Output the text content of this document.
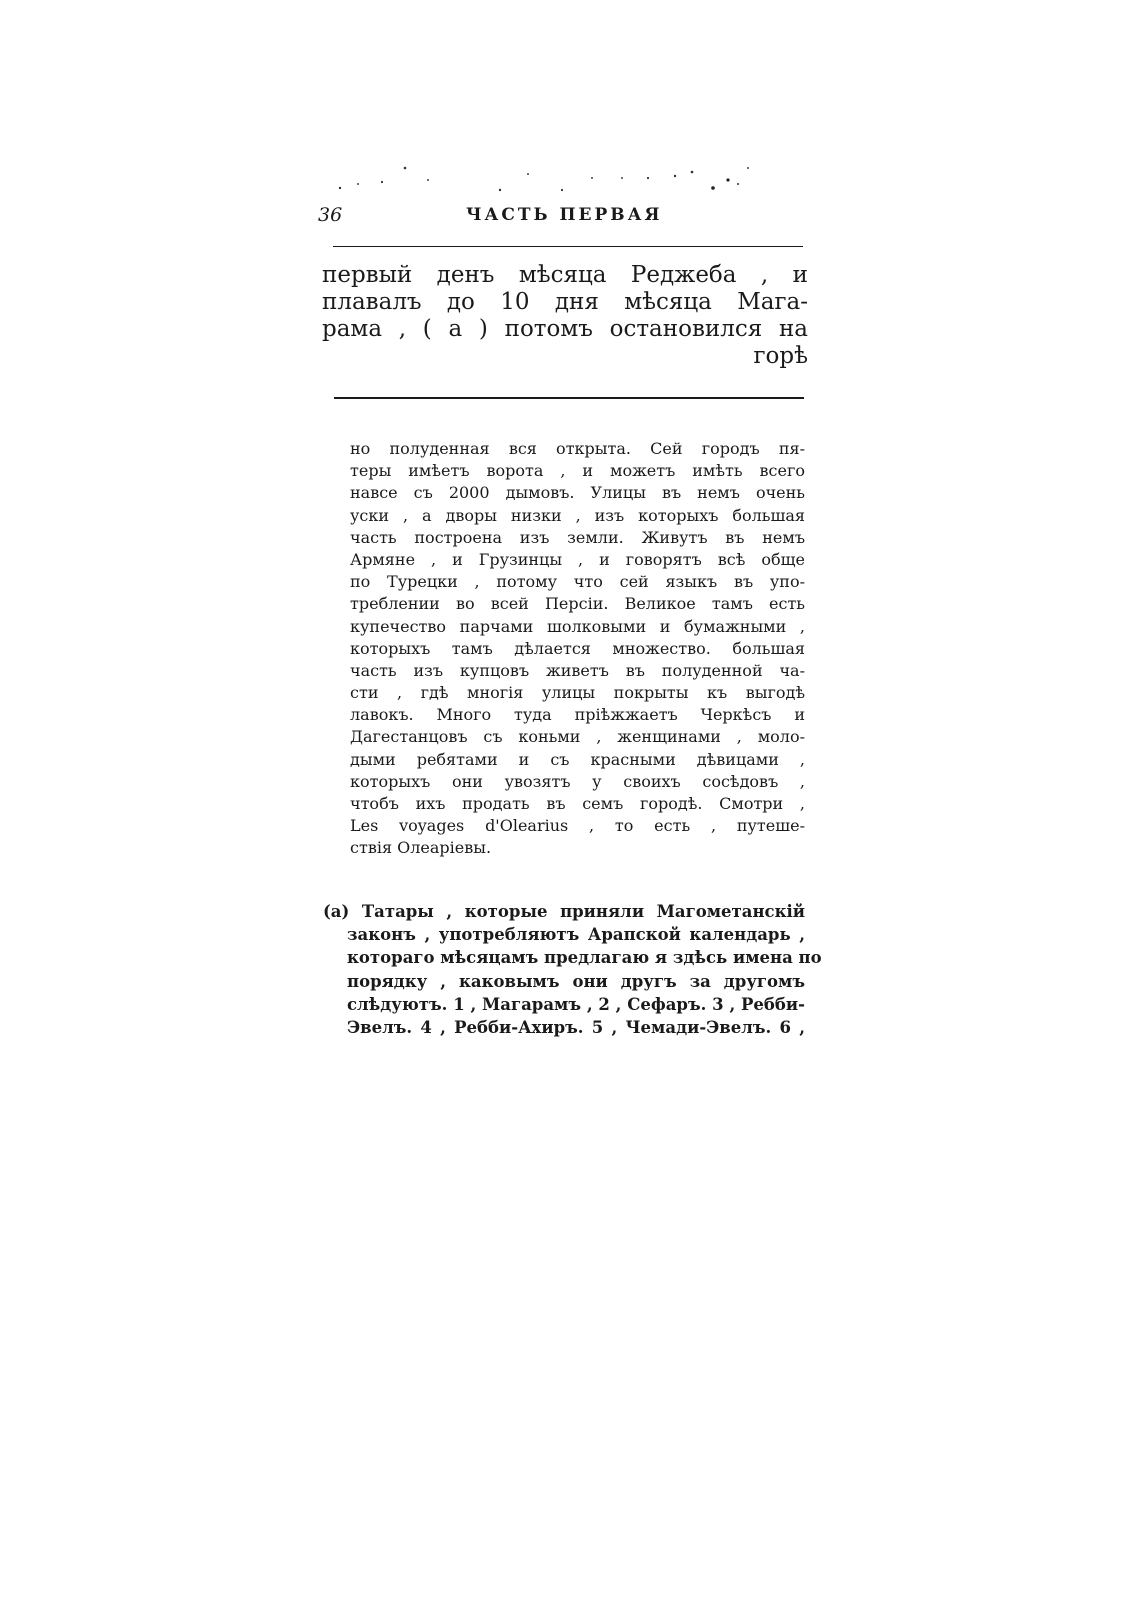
36	ЧАСТЬ ПЕРВАЯ
первый денъ мѣсяца Реджеба , и
плавалъ до 10 дня мѣсяца Мага-
рама , ( а ) потомъ остановился на
горѣ
но полуденная вся открыта. Сей городъ пя-
теры имѣетъ ворота , и можетъ имѣть всего
навсе съ 2000 дымовъ. Улицы въ немъ очень
уски , а дворы низки , изъ которыхъ большая
часть построена изъ земли. Живутъ въ немъ
Армяне , и Грузинцы , и говорятъ всѣ обще
по Турецки , потому что сей языкъ въ упо-
треблении во всей Персіи. Великое тамъ есть
купечество парчами шолковыми и бумажными ,
которыхъ тамъ дѣлается множество. большая
часть изъ купцовъ живетъ въ полуденной ча-
сти , гдѣ многія улицы покрыты къ выгодѣ
лавокъ. Много туда пріѣжжаетъ Черкѣсъ и
Дагестанцовъ съ коньми , женщинами , моло-
дыми ребятами и съ красными дѣвицами ,
которыхъ они увозятъ у своихъ сосѣдовъ ,
чтобъ ихъ продать въ семъ городѣ. Смотри ,
Les voyages d'Olearius , то есть , путеше-
ствія Олеаріевы.
(а) Татары , которые приняли Магометанскій
законъ , употребляютъ Арапской календарь ,
котораго мѣсяцамъ предлагаю я здѣсь имена по
порядку , каковымъ они другъ за другомъ
слѣдуютъ. 1 , Магарамъ , 2 , Сефаръ. 3 , Ребби-
Эвелъ. 4 , Ребби-Ахиръ. 5 , Чемади-Эвелъ. 6 ,
